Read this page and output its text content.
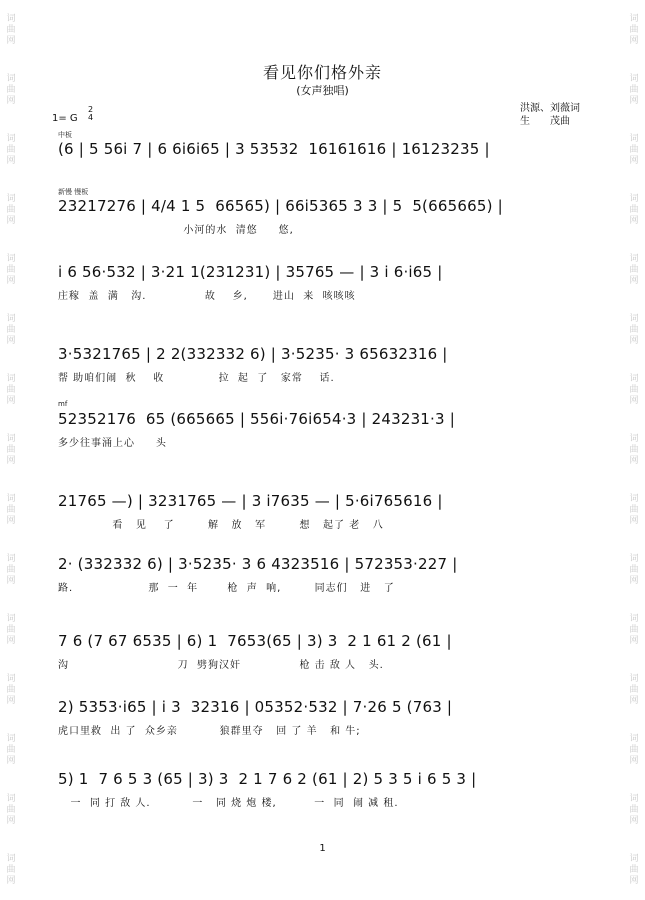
词
曲
网
词
曲
网
词
曲
网
词
曲
网
词
曲
网
词
曲
网
词
曲
网
词
曲
网
词
曲
网
词
曲
网
词
曲
网
词
曲
网
词
曲
网
词
曲
网
词
曲
网
词
曲
网
词
曲
网
词
曲
网
词
曲
网
词
曲
网
词
曲
网
词
曲
网
词
曲
网
词
曲
网
词
曲
网
词
曲
网
词
曲
网
词
曲
网
词
曲
网
词
曲
网
看见你们格外亲
(女声独唱)
洪源、刘薇词
生　　茂曲
1= G
2
4
中板
(6 | 5 56i 7 | 6 6i6i65 | 3 53532  16161616 | 16123235 |
新慢 慢板
23217276 | 4/4 1 5  66565) | 66i5365 3 3 | 5  5(665665) |
小河的水  清悠     悠,
i 6 56·532 | 3·21 1(231231) | 35765 — | 3 i 6·i65 |
庄稼  盖  满   沟.              故    乡,      进山  来  咳咳咳
3·5321765 | 2 2(332332 6) | 3·5235· 3 65632316 |
帮 助咱们闹  秋    收             拉  起  了   家常    话.
mf
52352176  65 (665665 | 556i·76i654·3 | 243231·3 |
多少往事涌上心     头
21765 —) | 3231765 — | 3 i7635 — | 5·6i765616 |
看   见    了        解   放   军        想   起了 老   八
2· (332332 6) | 3·5235· 3 6 4323516 | 572353·227 |
路.                  那  一  年       枪  声  响,        同志们   进   了
7 6 (7 67 6535 | 6) 1  7653(65 | 3) 3  2 1 61 2 (61 |
沟                          刀  劈狗汉奸              枪 击 敌 人   头.
2) 5353·i65 | i 3  32316 | 05352·532 | 7·26 5 (763 |
虎口里救  出 了  众乡亲          狼群里夺   回 了 羊   和 牛;
5) 1  7 6 5 3 (65 | 3) 3  2 1 7 6 2 (61 | 2) 5 3 5 i 6 5 3 |
一  同 打 敌 人.          一   同 烧 炮 楼,         一  同  闹 减 租.
1
